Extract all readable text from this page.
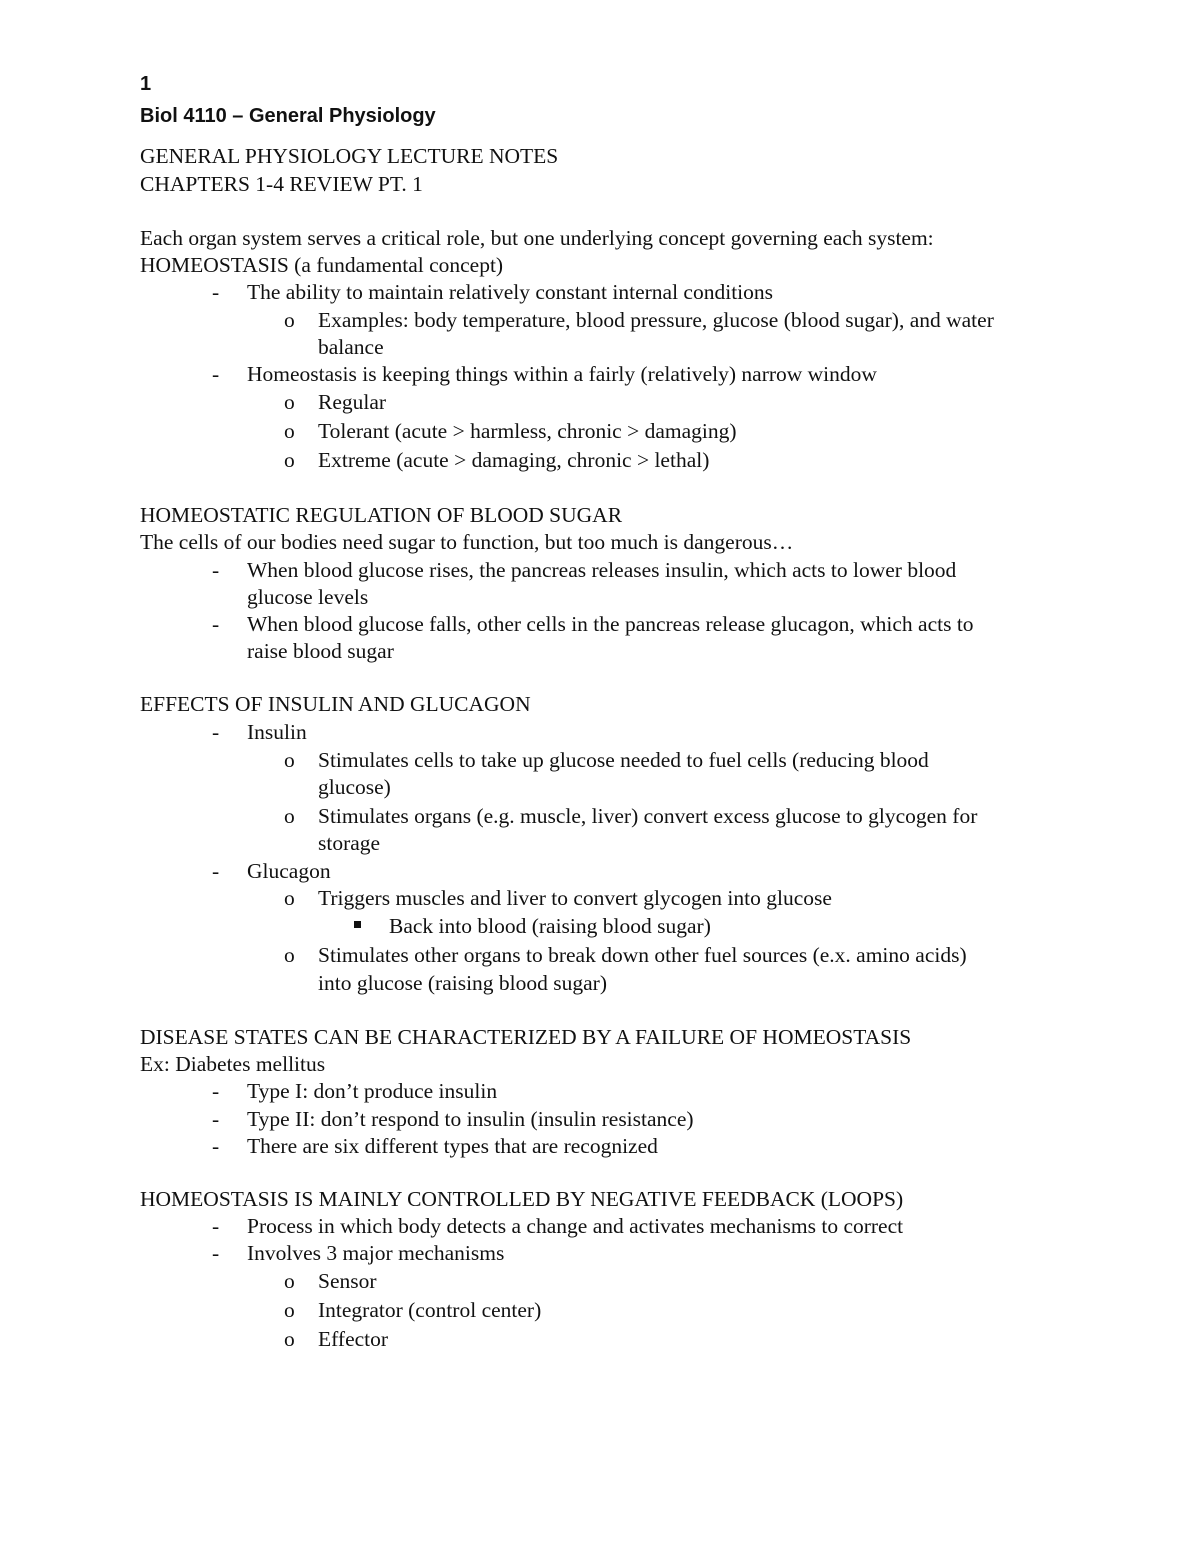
1
Biol 4110 – General Physiology
GENERAL PHYSIOLOGY LECTURE NOTES
CHAPTERS 1-4 REVIEW PT. 1
Each organ system serves a critical role, but one underlying concept governing each system:
HOMEOSTASIS (a fundamental concept)
- The ability to maintain relatively constant internal conditions
o Examples: body temperature, blood pressure, glucose (blood sugar), and water
balance
- Homeostasis is keeping things within a fairly (relatively) narrow window
o Regular
o Tolerant (acute > harmless, chronic > damaging)
o Extreme (acute > damaging, chronic > lethal)
HOMEOSTATIC REGULATION OF BLOOD SUGAR
The cells of our bodies need sugar to function, but too much is dangerous…
- When blood glucose rises, the pancreas releases insulin, which acts to lower blood
glucose levels
- When blood glucose falls, other cells in the pancreas release glucagon, which acts to
raise blood sugar
EFFECTS OF INSULIN AND GLUCAGON
- Insulin
o Stimulates cells to take up glucose needed to fuel cells (reducing blood
glucose)
o Stimulates organs (e.g. muscle, liver) convert excess glucose to glycogen for
storage
- Glucagon
o Triggers muscles and liver to convert glycogen into glucose
Back into blood (raising blood sugar)
o Stimulates other organs to break down other fuel sources (e.x. amino acids)
into glucose (raising blood sugar)
DISEASE STATES CAN BE CHARACTERIZED BY A FAILURE OF HOMEOSTASIS
Ex: Diabetes mellitus
- Type I: don’t produce insulin
- Type II: don’t respond to insulin (insulin resistance)
- There are six different types that are recognized
HOMEOSTASIS IS MAINLY CONTROLLED BY NEGATIVE FEEDBACK (LOOPS)
- Process in which body detects a change and activates mechanisms to correct
- Involves 3 major mechanisms
o Sensor
o Integrator (control center)
o Effector
